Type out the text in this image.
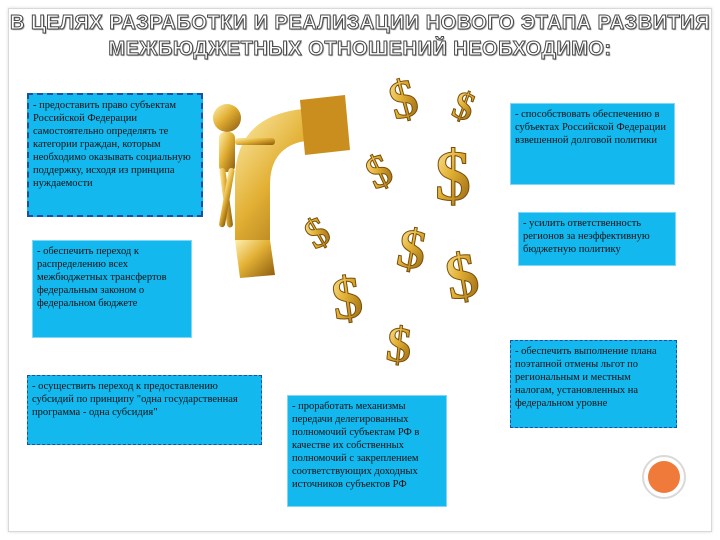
В ЦЕЛЯХ РАЗРАБОТКИ И РЕАЛИЗАЦИИ НОВОГО ЭТАПА РАЗВИТИЯ
МЕЖБЮДЖЕТНЫХ ОТНОШЕНИЙ НЕОБХОДИМО:
$ $
$
$
$ $
$
$
$
- предоставить право субъектам Российской Федерации самостоятельно определять те категории граждан, которым необходимо оказывать социальную поддержку, исходя из принципа нуждаемости
- обеспечить переход к распределению всех межбюджетных трансфертов федеральным законом о федеральном бюджете
- осуществить переход к предоставлению субсидий по принципу "одна государственная программа - одна субсидия"
- проработать механизмы передачи делегированных полномочий субъектам РФ в качестве их собственных полномочий с закреплением соответствующих доходных источников субъектов РФ
- способствовать обеспечению в субъектах Российской Федерации взвешенной долговой политики
- усилить ответственность регионов за неэффективную бюджетную политику
- обеспечить выполнение плана поэтапной отмены льгот по региональным и местным налогам, установленных на федеральном уровне
